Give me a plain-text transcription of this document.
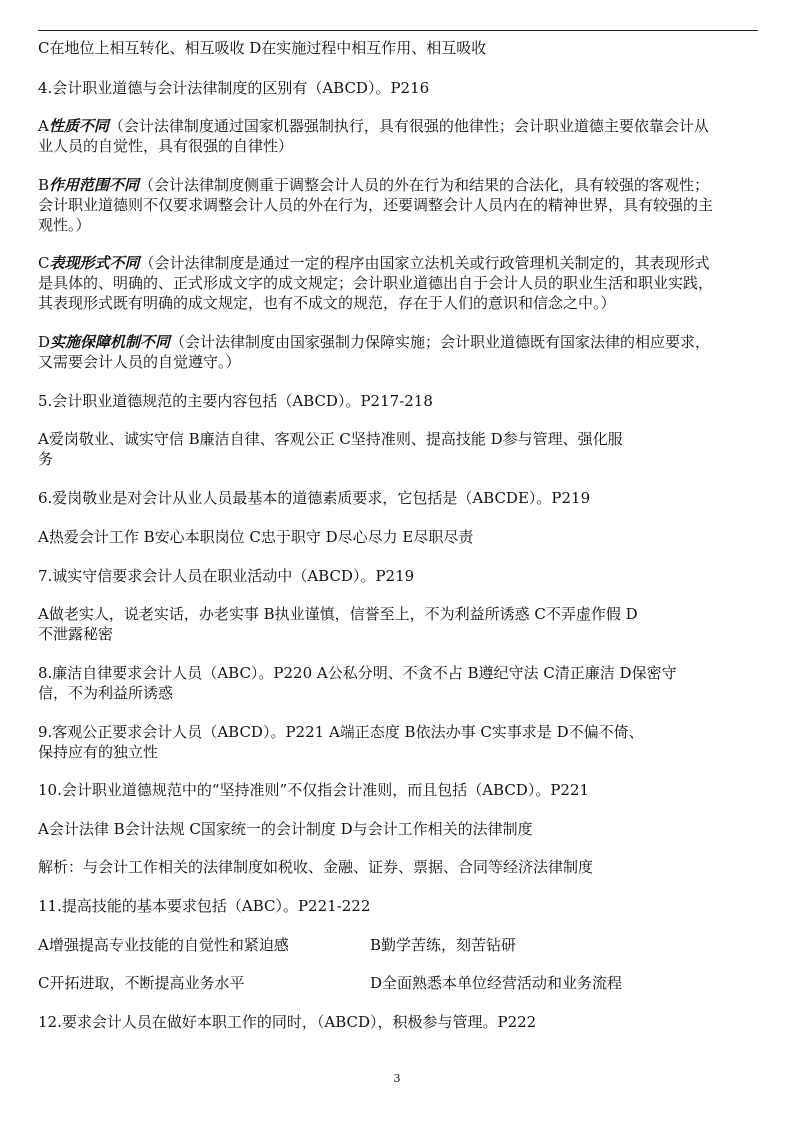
C在地位上相互转化、相互吸收 D在实施过程中相互作用、相互吸收
4.会计职业道德与会计法律制度的区别有（ABCD）。P216
A性质不同（会计法律制度通过国家机器强制执行，具有很强的他律性；会计职业道德主要依靠会计从
业人员的自觉性，具有很强的自律性）
B作用范围不同（会计法律制度侧重于调整会计人员的外在行为和结果的合法化，具有较强的客观性；
会计职业道德则不仅要求调整会计人员的外在行为，还要调整会计人员内在的精神世界，具有较强的主
观性。）
C表现形式不同（会计法律制度是通过一定的程序由国家立法机关或行政管理机关制定的，其表现形式
是具体的、明确的、正式形成文字的成文规定；会计职业道德出自于会计人员的职业生活和职业实践，
其表现形式既有明确的成文规定，也有不成文的规范，存在于人们的意识和信念之中。）
D实施保障机制不同（会计法律制度由国家强制力保障实施；会计职业道德既有国家法律的相应要求，
又需要会计人员的自觉遵守。）
5.会计职业道德规范的主要内容包括（ABCD）。P217-218
A爱岗敬业、诚实守信 B廉洁自律、客观公正 C坚持准则、提高技能 D参与管理、强化服
务
6.爱岗敬业是对会计从业人员最基本的道德素质要求，它包括是（ABCDE）。P219
A热爱会计工作 B安心本职岗位 C忠于职守 D尽心尽力 E尽职尽责
7.诚实守信要求会计人员在职业活动中（ABCD）。P219
A做老实人，说老实话，办老实事 B执业谨慎，信誉至上，不为利益所诱惑 C不弄虚作假 D
不泄露秘密
8.廉洁自律要求会计人员（ABC）。P220 A公私分明、不贪不占 B遵纪守法 C清正廉洁 D保密守
信，不为利益所诱惑
9.客观公正要求会计人员（ABCD）。P221 A端正态度 B依法办事 C实事求是 D不偏不倚、
保持应有的独立性
10.会计职业道德规范中的“坚持准则”不仅指会计准则，而且包括（ABCD）。P221
A会计法律 B会计法规 C国家统一的会计制度 D与会计工作相关的法律制度
解析：与会计工作相关的法律制度如税收、金融、证券、票据、合同等经济法律制度
11.提高技能的基本要求包括（ABC）。P221-222
A增强提高专业技能的自觉性和紧迫感	B勤学苦练，刻苦钻研
C开拓进取，不断提高业务水平	D全面熟悉本单位经营活动和业务流程
12.要求会计人员在做好本职工作的同时，（ABCD），积极参与管理。P222
3
